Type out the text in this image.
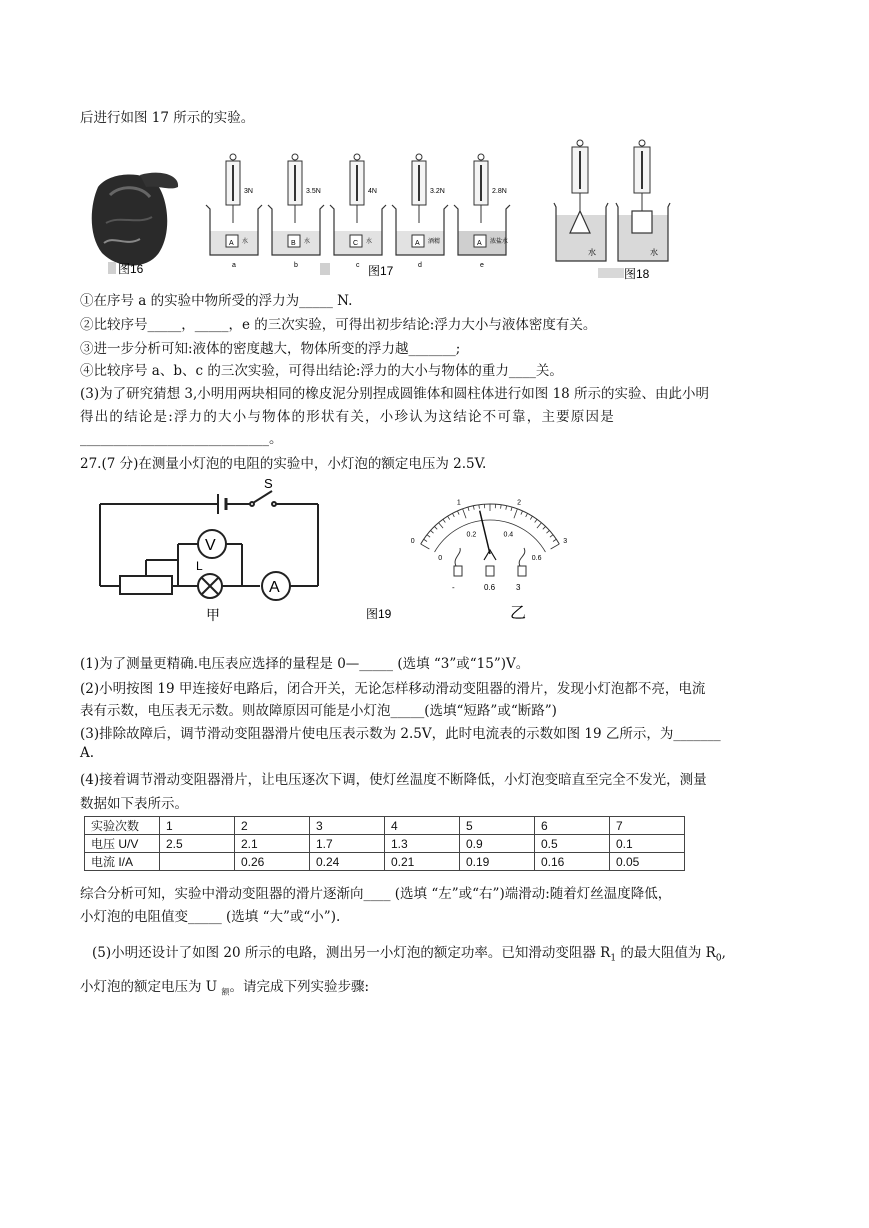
后进行如图 17 所示的实验。
图16
3N
A 水
a
3.5N
B 水
b
4N
C 水
c
3.2N
A 酒精
d
2.8N
A 浓盐水
e
图17
水	水
图18
①在序号 a 的实验中物所受的浮力为_____ N.
②比较序号_____，_____，e 的三次实验，可得出初步结论:浮力大小与液体密度有关。
③进一步分析可知:液体的密度越大，物体所变的浮力越_______;
④比较序号 a、b、c 的三次实验，可得出结论:浮力的大小与物体的重力____关。
(3)为了研究猜想 3,小明用两块相同的橡皮泥分别捏成圆锥体和圆柱体进行如图 18 所示的实验、由此小明
得出的结论是:浮力的大小与物体的形状有关，小珍认为这结论不可靠，主要原因是
____________________________。
27.(7 分)在测量小灯泡的电阻的实验中，小灯泡的额定电压为 2.5V.
S
V
A
L
甲	图19
0
1	2
3
0
0.2	0.4
0.6
-	0.6	3
乙
(1)为了测量更精确.电压表应选择的量程是 0—_____ (选填 “3”或“15”)V。
(2)小明按图 19 甲连接好电路后，闭合开关，无论怎样移动滑动变阻器的滑片，发现小灯泡都不亮，电流
表有示数，电压表无示数。则故障原因可能是小灯泡_____(选填“短路”或“断路”)
(3)排除故障后，调节滑动变阻器滑片使电压表示数为 2.5V，此时电流表的示数如图 19 乙所示，为_______
A.
(4)接着调节滑动变阻器滑片，让电压逐次下调，使灯丝温度不断降低，小灯泡变暗直至完全不发光，测量
数据如下表所示。
实验次数	1	2	3	4	5	6	7
电压 U/V	2.5	2.1	1.7	1.3	0.9	0.5	0.1
电流 I/A		0.26	0.24	0.21	0.19	0.16	0.05
综合分析可知，实验中滑动变阻器的滑片逐渐向____ (选填 “左”或“右”)端滑动:随着灯丝温度降低，
小灯泡的电阻值变_____ (选填 “大”或“小”).
(5)小明还设计了如图 20 所示的电路，测出另一小灯泡的额定功率。已知滑动变阻器 $R_1$ 的最大阻值为 $R_0$,
小灯泡的额定电压为 U $_额$。请完成下列实验步骤:
